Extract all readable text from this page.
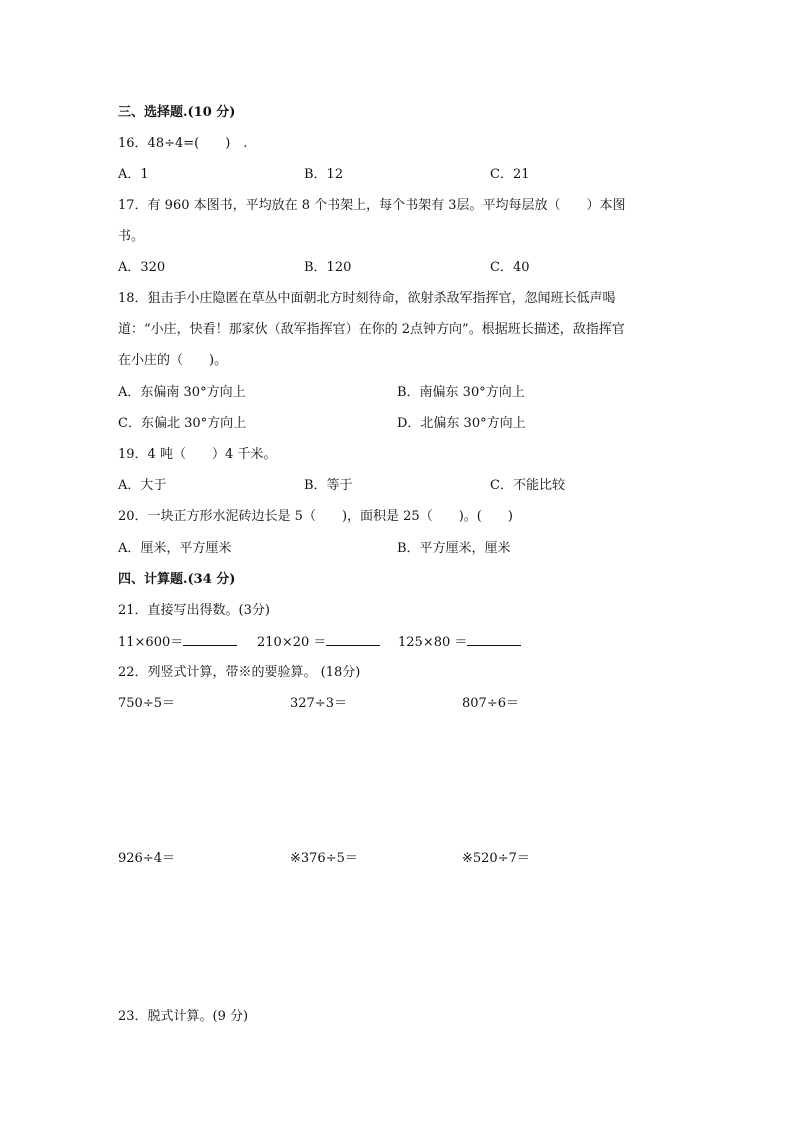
三、选择题.(10 分)
16．48÷4=(　　)　.
A．1	B．12	C．21
17．有 960 本图书，平均放在 8 个书架上，每个书架有 3层。平均每层放（　　）本图
书。
A．320	B．120	C．40
18．狙击手小庄隐匿在草丛中面朝北方时刻待命，欲射杀敌军指挥官，忽闻班长低声喝
道：“小庄，快看！那家伙（敌军指挥官）在你的 2点钟方向”。根据班长描述，敌指挥官
在小庄的（　　)。
A．东偏南 30°方向上	B．南偏东 30°方向上
C．东偏北 30°方向上	D．北偏东 30°方向上
19．4 吨（　　）4 千米。
A．大于	B．等于	C．不能比较
20．一块正方形水泥砖边长是 5（　　)，面积是 25（　　)。(　　)
A．厘米，平方厘米	B．平方厘米，厘米
四、计算题.(34 分)
21．直接写出得数。(3分)
11×600＝	210×20 ＝	125×80 ＝
22．列竖式计算，带※的要验算。 (18分)
750÷5＝	327÷3＝	807÷6＝
926÷4＝	※376÷5＝	※520÷7＝
23．脱式计算。(9 分)
